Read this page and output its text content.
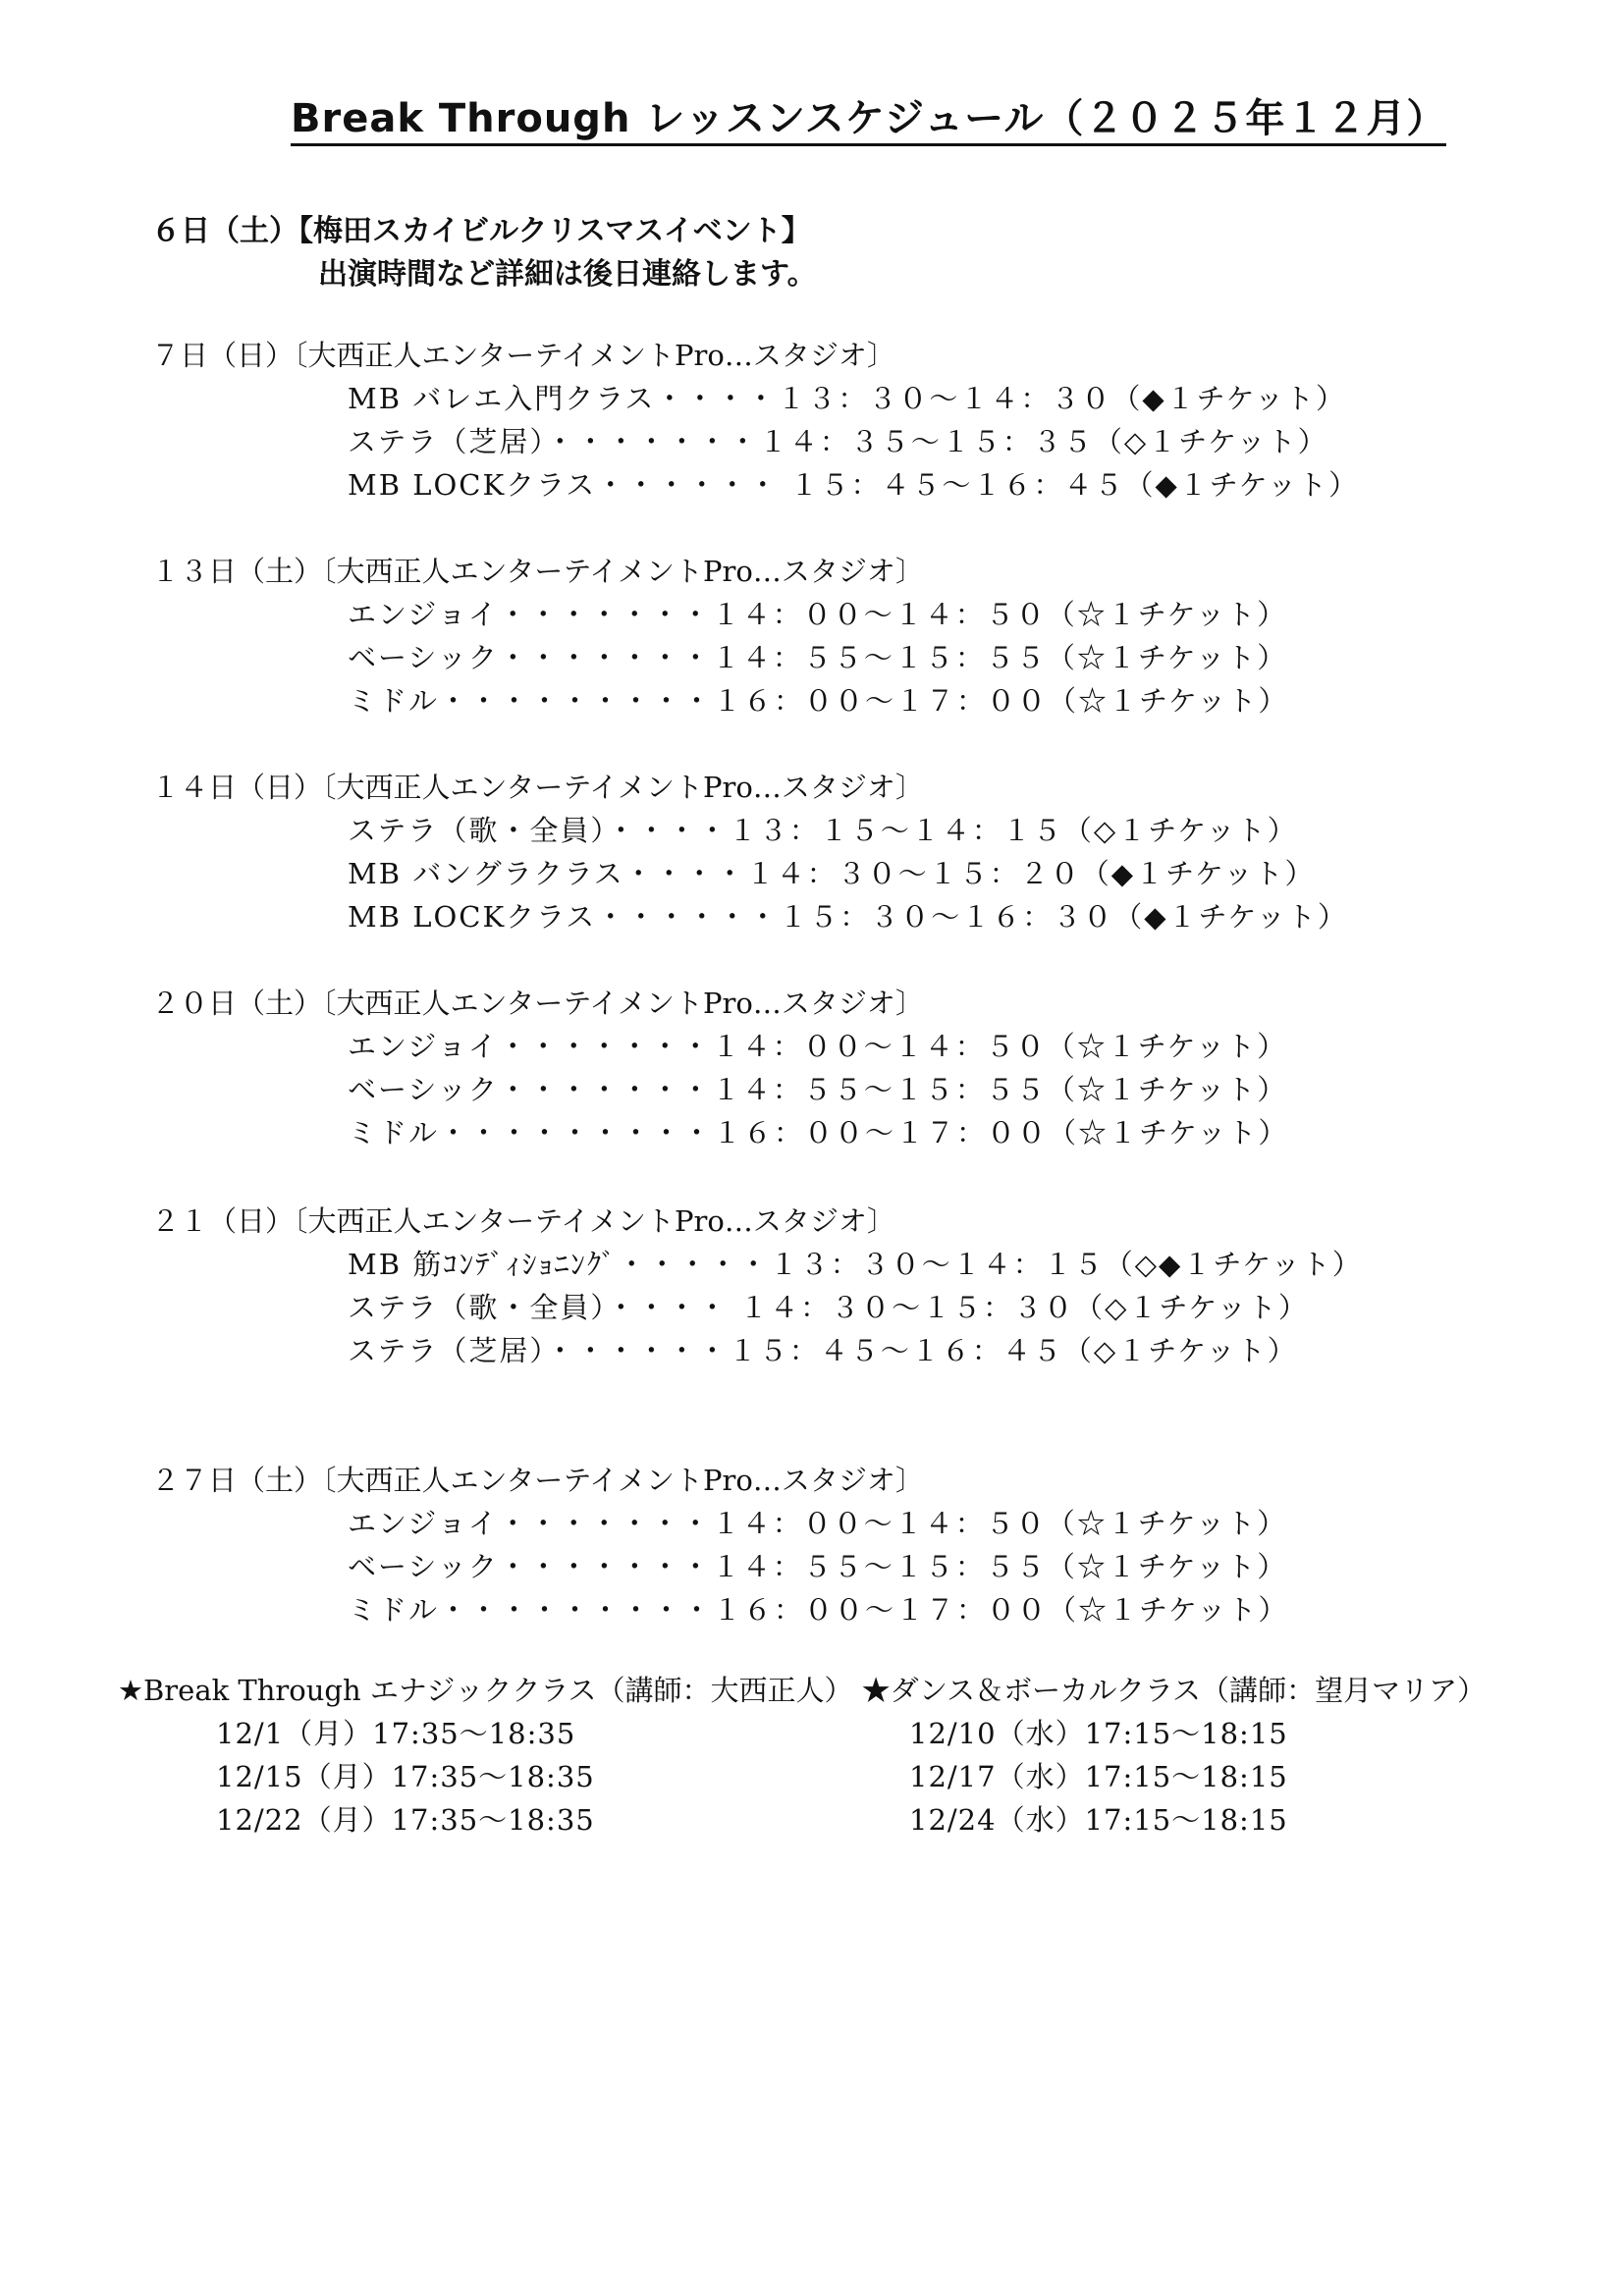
Break Through レッスンスケジュール（２０２５年１２月）
６日（土）【梅田スカイビルクリスマスイベント】
出演時間など詳細は後日連絡します。
７日（日）〔大西正人エンターテイメントPro…スタジオ〕
MB バレエ入門クラス・・・・１３：３０～１４：３０（◆１チケット）
ステラ（芝居）・・・・・・・１４：３５～１５：３５（◇１チケット）
MB LOCKクラス・・・・・・ １５：４５～１６：４５（◆１チケット）
１３日（土）〔大西正人エンターテイメントPro…スタジオ〕
エンジョイ・・・・・・・１４：００～１４：５０（☆１チケット）
ベーシック・・・・・・・１４：５５～１５：５５（☆１チケット）
ミドル・・・・・・・・・１６：００～１７：００（☆１チケット）
１４日（日）〔大西正人エンターテイメントPro…スタジオ〕
ステラ（歌・全員）・・・・１３：１５～１４：１５（◇１チケット）
MB バングラクラス・・・・１４：３０～１５：２０（◆１チケット）
MB LOCKクラス・・・・・・１５：３０～１６：３０（◆１チケット）
２０日（土）〔大西正人エンターテイメントPro…スタジオ〕
エンジョイ・・・・・・・１４：００～１４：５０（☆１チケット）
ベーシック・・・・・・・１４：５５～１５：５５（☆１チケット）
ミドル・・・・・・・・・１６：００～１７：００（☆１チケット）
２１（日）〔大西正人エンターテイメントPro…スタジオ〕
MB 筋ｺﾝﾃﾞｨｼｮﾆﾝｸﾞ・・・・・１３：３０～１４：１５（◇◆１チケット）
ステラ（歌・全員）・・・・ １４：３０～１５：３０（◇１チケット）
ステラ（芝居）・・・・・・１５：４５～１６：４５（◇１チケット）
２７日（土）〔大西正人エンターテイメントPro…スタジオ〕
エンジョイ・・・・・・・１４：００～１４：５０（☆１チケット）
ベーシック・・・・・・・１４：５５～１５：５５（☆１チケット）
ミドル・・・・・・・・・１６：００～１７：００（☆１チケット）
★Break Through エナジッククラス（講師：大西正人） ★ダンス＆ボーカルクラス（講師：望月マリア）
12/1（月）17:35～18:35
12/15（月）17:35～18:35
12/22（月）17:35～18:35
12/10（水）17:15～18:15
12/17（水）17:15～18:15
12/24（水）17:15～18:15
